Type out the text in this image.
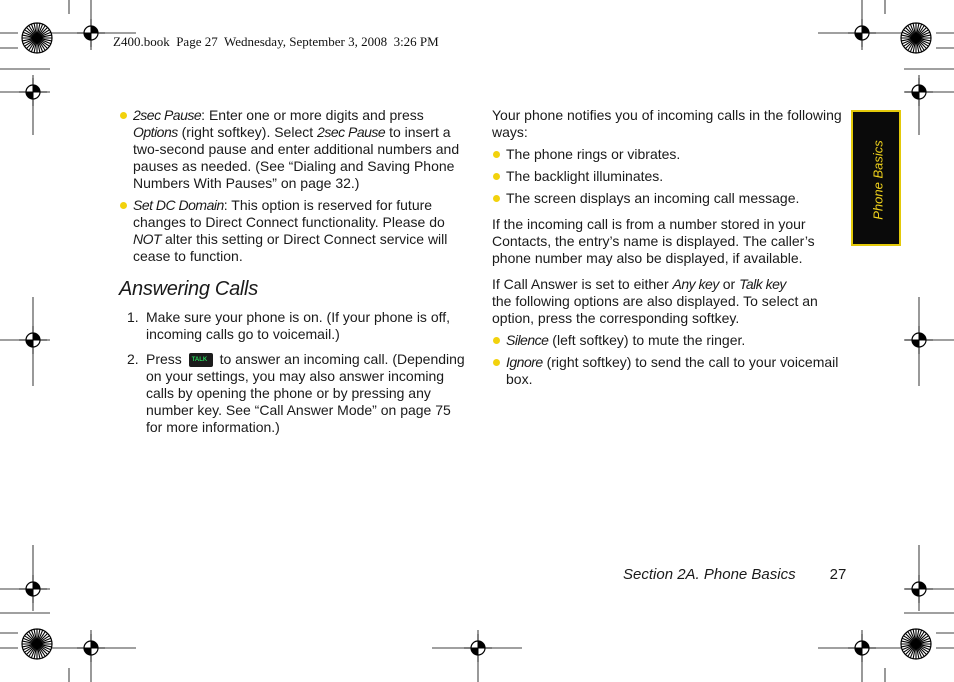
Z400.book  Page 27  Wednesday, September 3, 2008  3:26 PM
2sec Pause: Enter one or more digits and press Options (right softkey). Select 2sec Pause to insert a two-second pause and enter additional numbers and pauses as needed. (See “Dialing and Saving Phone Numbers With Pauses” on page 32.)
Set DC Domain: This option is reserved for future changes to Direct Connect functionality. Please do NOT alter this setting or Direct Connect service will cease to function.
Answering Calls
1. Make sure your phone is on. (If your phone is off, incoming calls go to voicemail.)
2. Press TALK to answer an incoming call. (Depending on your settings, you may also answer incoming calls by opening the phone or by pressing any number key. See “Call Answer Mode” on page 75 for more information.)

Your phone notifies you of incoming calls in the following ways:

The phone rings or vibrates.
The backlight illuminates.
The screen displays an incoming call message.

If the incoming call is from a number stored in your Contacts, the entry’s name is displayed. The caller’s phone number may also be displayed, if available.

If Call Answer is set to either Any key or Talk key
the following options are also displayed. To select an option, press the corresponding softkey.

Silence (left softkey) to mute the ringer.
Ignore (right softkey) to send the call to your voicemail box.
Phone Basics
Section 2A. Phone Basics 27
